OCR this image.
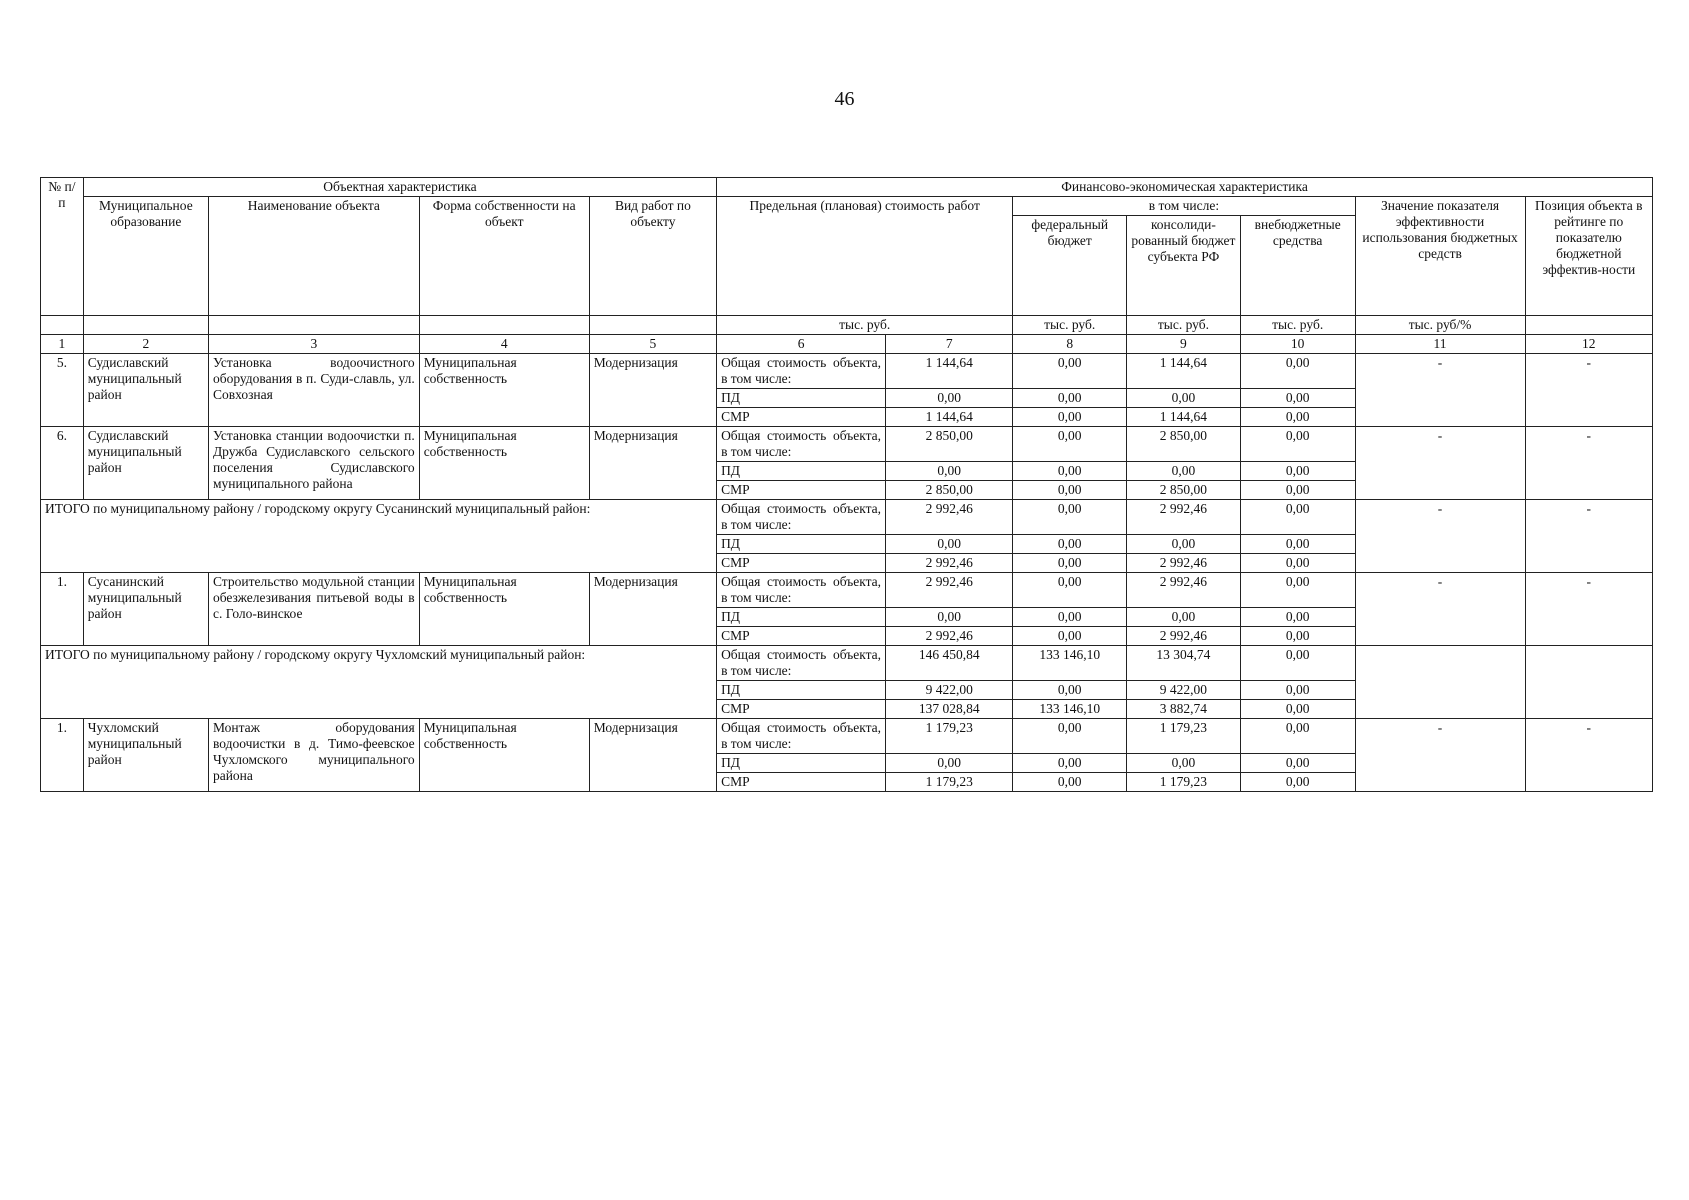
46
№ п/п	Объектная характеристика				Финансово-экономическая характеристика						
	Муниципальное образование	Наименование объекта	Форма собственности на объект	Вид работ по объекту	Предельная (плановая) стоимость работ		в том числе:			Значение показателя эффективности использования бюджетных средств	Позиция объекта в рейтинге по показателю бюджетной эффектив-ности
							федеральный бюджет	консолиди-рованный бюджет субъекта РФ	внебюджетные средства		
					тыс. руб.		тыс. руб.	тыс. руб.	тыс. руб.	тыс. руб/%	
1	2	3	4	5	6	7	8	9	10	11	12
5.	Судиславский муниципальный район	Установка водоочистного оборудования в п. Суди-славль, ул. Совхозная	Муниципальная собственность	Модернизация	Общая стоимость объекта, в том числе:	1 144,64	0,00	1 144,64	0,00	-	-
					ПД	0,00	0,00	0,00	0,00		
					СМР	1 144,64	0,00	1 144,64	0,00		
6.	Судиславский муниципальный район	Установка станции водоочистки п. Дружба Судиславского сельского поселения Судиславского муниципального района	Муниципальная собственность	Модернизация	Общая стоимость объекта, в том числе:	2 850,00	0,00	2 850,00	0,00	-	-
					ПД	0,00	0,00	0,00	0,00		
					СМР	2 850,00	0,00	2 850,00	0,00		
ИТОГО по муниципальному району / городскому округу Сусанинский муниципальный район:					Общая стоимость объекта, в том числе:	2 992,46	0,00	2 992,46	0,00	-	-
					ПД	0,00	0,00	0,00	0,00		
					СМР	2 992,46	0,00	2 992,46	0,00		
1.	Сусанинский муниципальный район	Строительство модульной станции обезжелезивания питьевой воды в с. Голо-винское	Муниципальная собственность	Модернизация	Общая стоимость объекта, в том числе:	2 992,46	0,00	2 992,46	0,00	-	-
					ПД	0,00	0,00	0,00	0,00		
					СМР	2 992,46	0,00	2 992,46	0,00		
ИТОГО по муниципальному району / городскому округу Чухломский муниципальный район:					Общая стоимость объекта, в том числе:	146 450,84	133 146,10	13 304,74	0,00		
					ПД	9 422,00	0,00	9 422,00	0,00		
					СМР	137 028,84	133 146,10	3 882,74	0,00		
1.	Чухломский муниципальный район	Монтаж оборудования водоочистки в д. Тимо-феевское Чухломского муниципального района	Муниципальная собственность	Модернизация	Общая стоимость объекта, в том числе:	1 179,23	0,00	1 179,23	0,00	-	-
					ПД	0,00	0,00	0,00	0,00		
					СМР	1 179,23	0,00	1 179,23	0,00		
